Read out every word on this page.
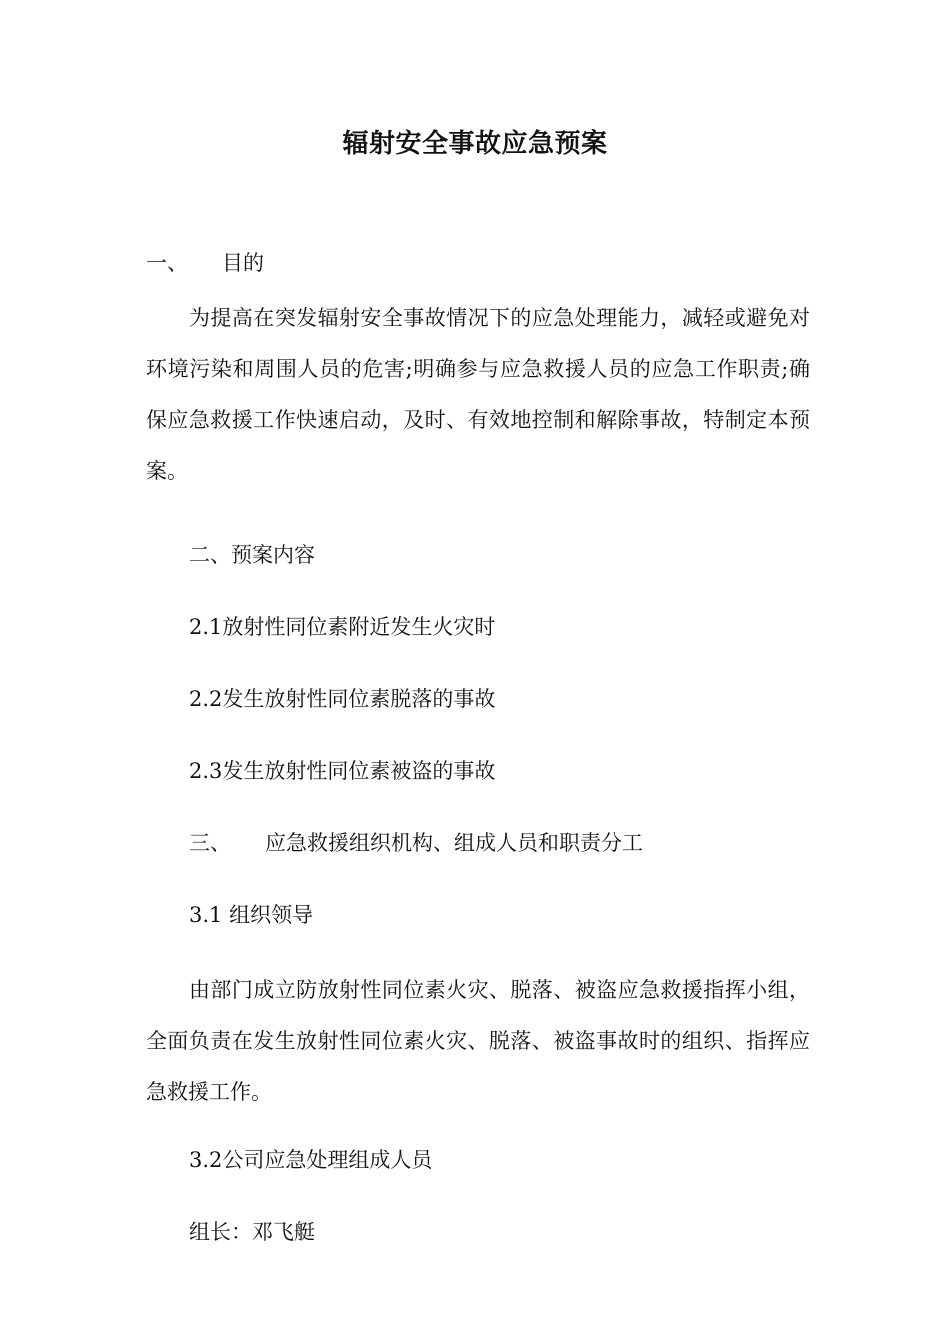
辐射安全事故应急预案
一、 目的

为提高在突发辐射安全事故情况下的应急处理能力，减轻或避免对环境污染和周围人员的危害;明确参与应急救援人员的应急工作职责;确保应急救援工作快速启动，及时、有效地控制和解除事故，特制定本预案。

二、预案内容
2.1放射性同位素附近发生火灾时
2.2发生放射性同位素脱落的事故
2.3发生放射性同位素被盗的事故
三、 应急救援组织机构、组成人员和职责分工
3.1 组织领导

由部门成立防放射性同位素火灾、脱落、被盗应急救援指挥小组，全面负责在发生放射性同位素火灾、脱落、被盗事故时的组织、指挥应急救援工作。

3.2公司应急处理组成人员
组长：邓飞艇
